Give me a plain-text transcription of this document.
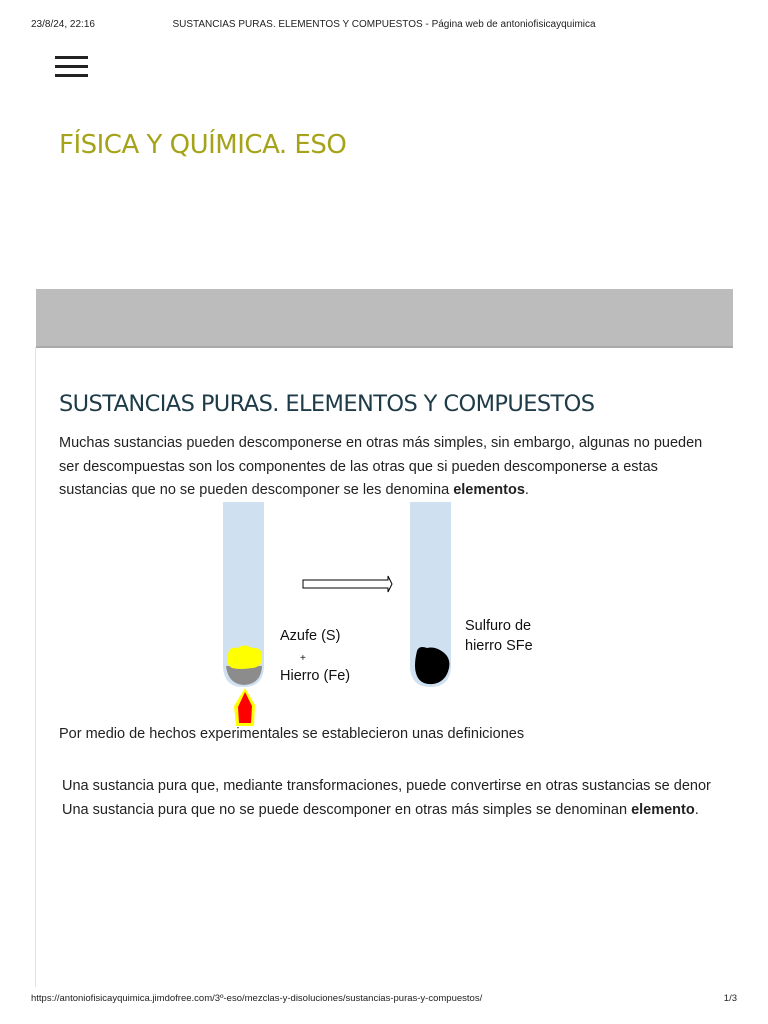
23/8/24, 22:16	SUSTANCIAS PURAS. ELEMENTOS Y COMPUESTOS - Página web de antoniofisicayquimica
FÍSICA Y QUÍMICA. ESO
SUSTANCIAS PURAS. ELEMENTOS Y COMPUESTOS

Muchas sustancias pueden descomponerse en otras más simples, sin embargo, algunas no pueden ser descompuestas son los componentes de las otras que si pueden descomponerse a estas sustancias que no se pueden descomponer se les denomina elementos.

Azufe (S)
+
Hierro (Fe)
Sulfuro de
hierro SFe

Por medio de hechos experimentales se establecieron unas definiciones

Una sustancia pura que, mediante transformaciones, puede convertirse en otras sustancias se denor
Una sustancia pura que no se puede descomponer en otras más simples se denominan elemento.
https://antoniofisicayquimica.jimdofree.com/3º-eso/mezclas-y-disoluciones/sustancias-puras-y-compuestos/	1/3
